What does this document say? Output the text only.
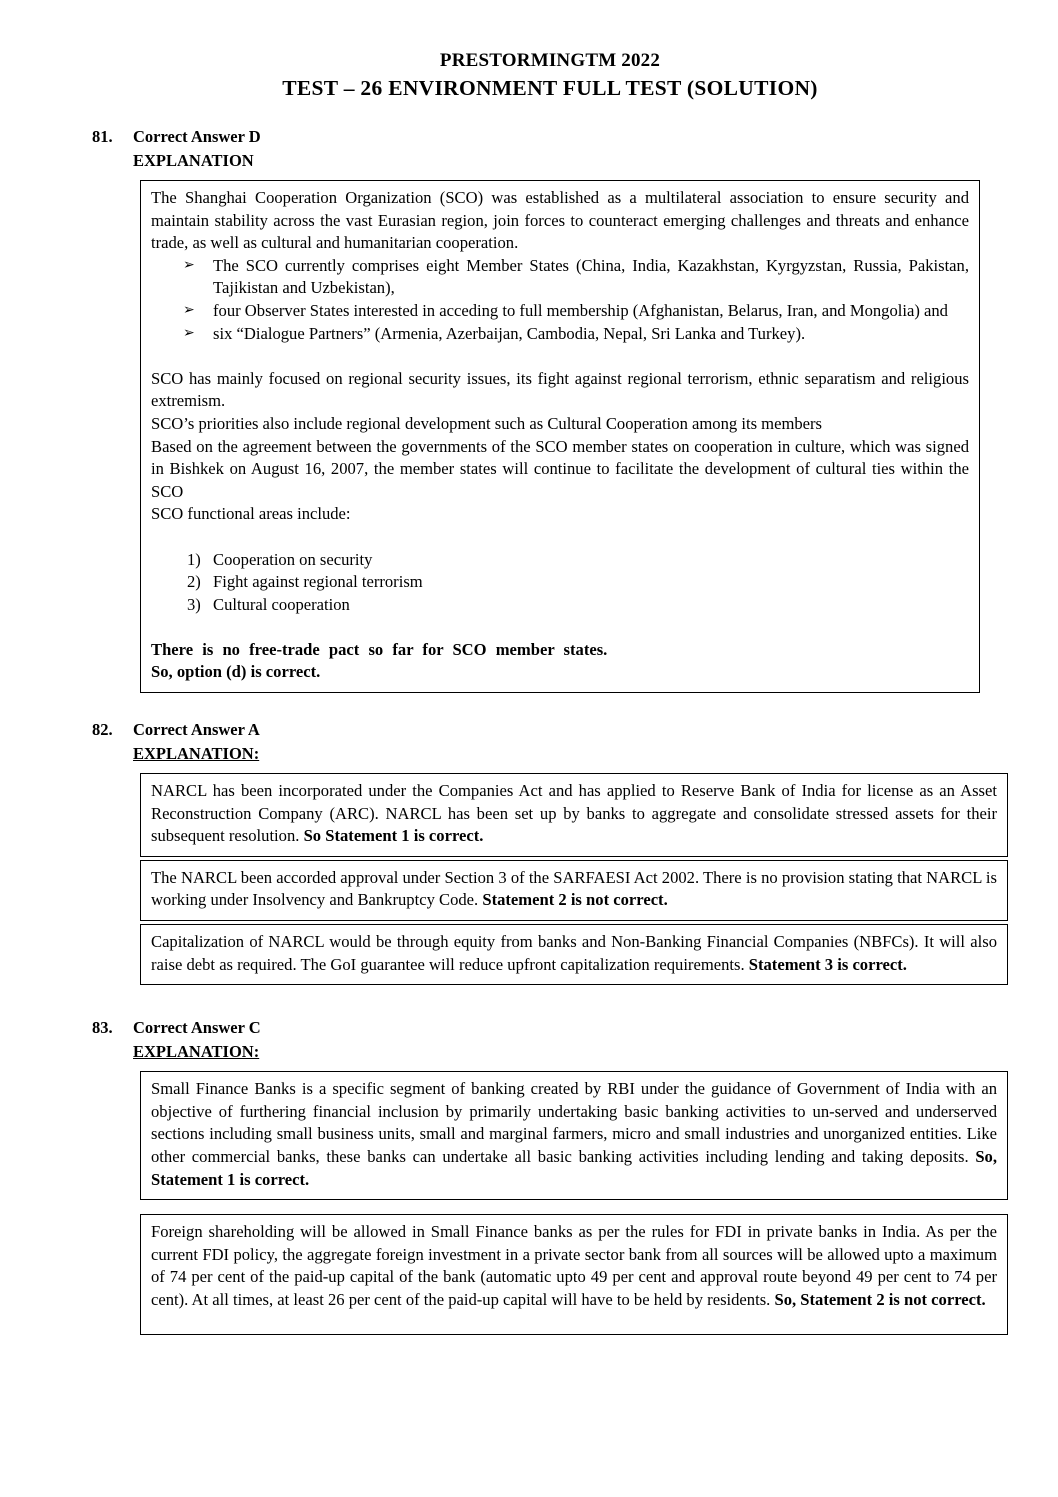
PRESTORMINGTM 2022
TEST – 26 ENVIRONMENT FULL TEST (SOLUTION)
81.	Correct Answer D
EXPLANATION

The Shanghai Cooperation Organization (SCO) was established as a multilateral association to ensure security and maintain stability across the vast Eurasian region, join forces to counteract emerging challenges and threats and enhance trade, as well as cultural and humanitarian cooperation.

➢ The SCO currently comprises eight Member States (China, India, Kazakhstan, Kyrgyzstan, Russia, Pakistan, Tajikistan and Uzbekistan),
➢ four Observer States interested in acceding to full membership (Afghanistan, Belarus, Iran, and Mongolia) and
➢ six “Dialogue Partners” (Armenia, Azerbaijan, Cambodia, Nepal, Sri Lanka and Turkey).

SCO has mainly focused on regional security issues, its fight against regional terrorism, ethnic separatism and religious extremism.

SCO’s priorities also include regional development such as Cultural Cooperation among its members

Based on the agreement between the governments of the SCO member states on cooperation in culture, which was signed in Bishkek on August 16, 2007, the member states will continue to facilitate the development of cultural ties within the SCO

SCO functional areas include:

1) Cooperation on security
2) Fight against regional terrorism
3) Cultural cooperation

There is no free-trade pact so far for SCO member states.

So, option (d) is correct.

82.	Correct Answer A
EXPLANATION:

NARCL has been incorporated under the Companies Act and has applied to Reserve Bank of India for license as an Asset Reconstruction Company (ARC). NARCL has been set up by banks to aggregate and consolidate stressed assets for their subsequent resolution. So Statement 1 is correct.

The NARCL been accorded approval under Section 3 of the SARFAESI Act 2002. There is no provision stating that NARCL is working under Insolvency and Bankruptcy Code. Statement 2 is not correct.

Capitalization of NARCL would be through equity from banks and Non-Banking Financial Companies (NBFCs). It will also raise debt as required. The GoI guarantee will reduce upfront capitalization requirements. Statement 3 is correct.

83.	Correct Answer C
EXPLANATION:

Small Finance Banks is a specific segment of banking created by RBI under the guidance of Government of India with an objective of furthering financial inclusion by primarily undertaking basic banking activities to un-served and underserved sections including small business units, small and marginal farmers, micro and small industries and unorganized entities. Like other commercial banks, these banks can undertake all basic banking activities including lending and taking deposits. So, Statement 1 is correct.

Foreign shareholding will be allowed in Small Finance banks as per the rules for FDI in private banks in India. As per the current FDI policy, the aggregate foreign investment in a private sector bank from all sources will be allowed upto a maximum of 74 per cent of the paid-up capital of the bank (automatic upto 49 per cent and approval route beyond 49 per cent to 74 per cent). At all times, at least 26 per cent of the paid-up capital will have to be held by residents. So, Statement 2 is not correct.
